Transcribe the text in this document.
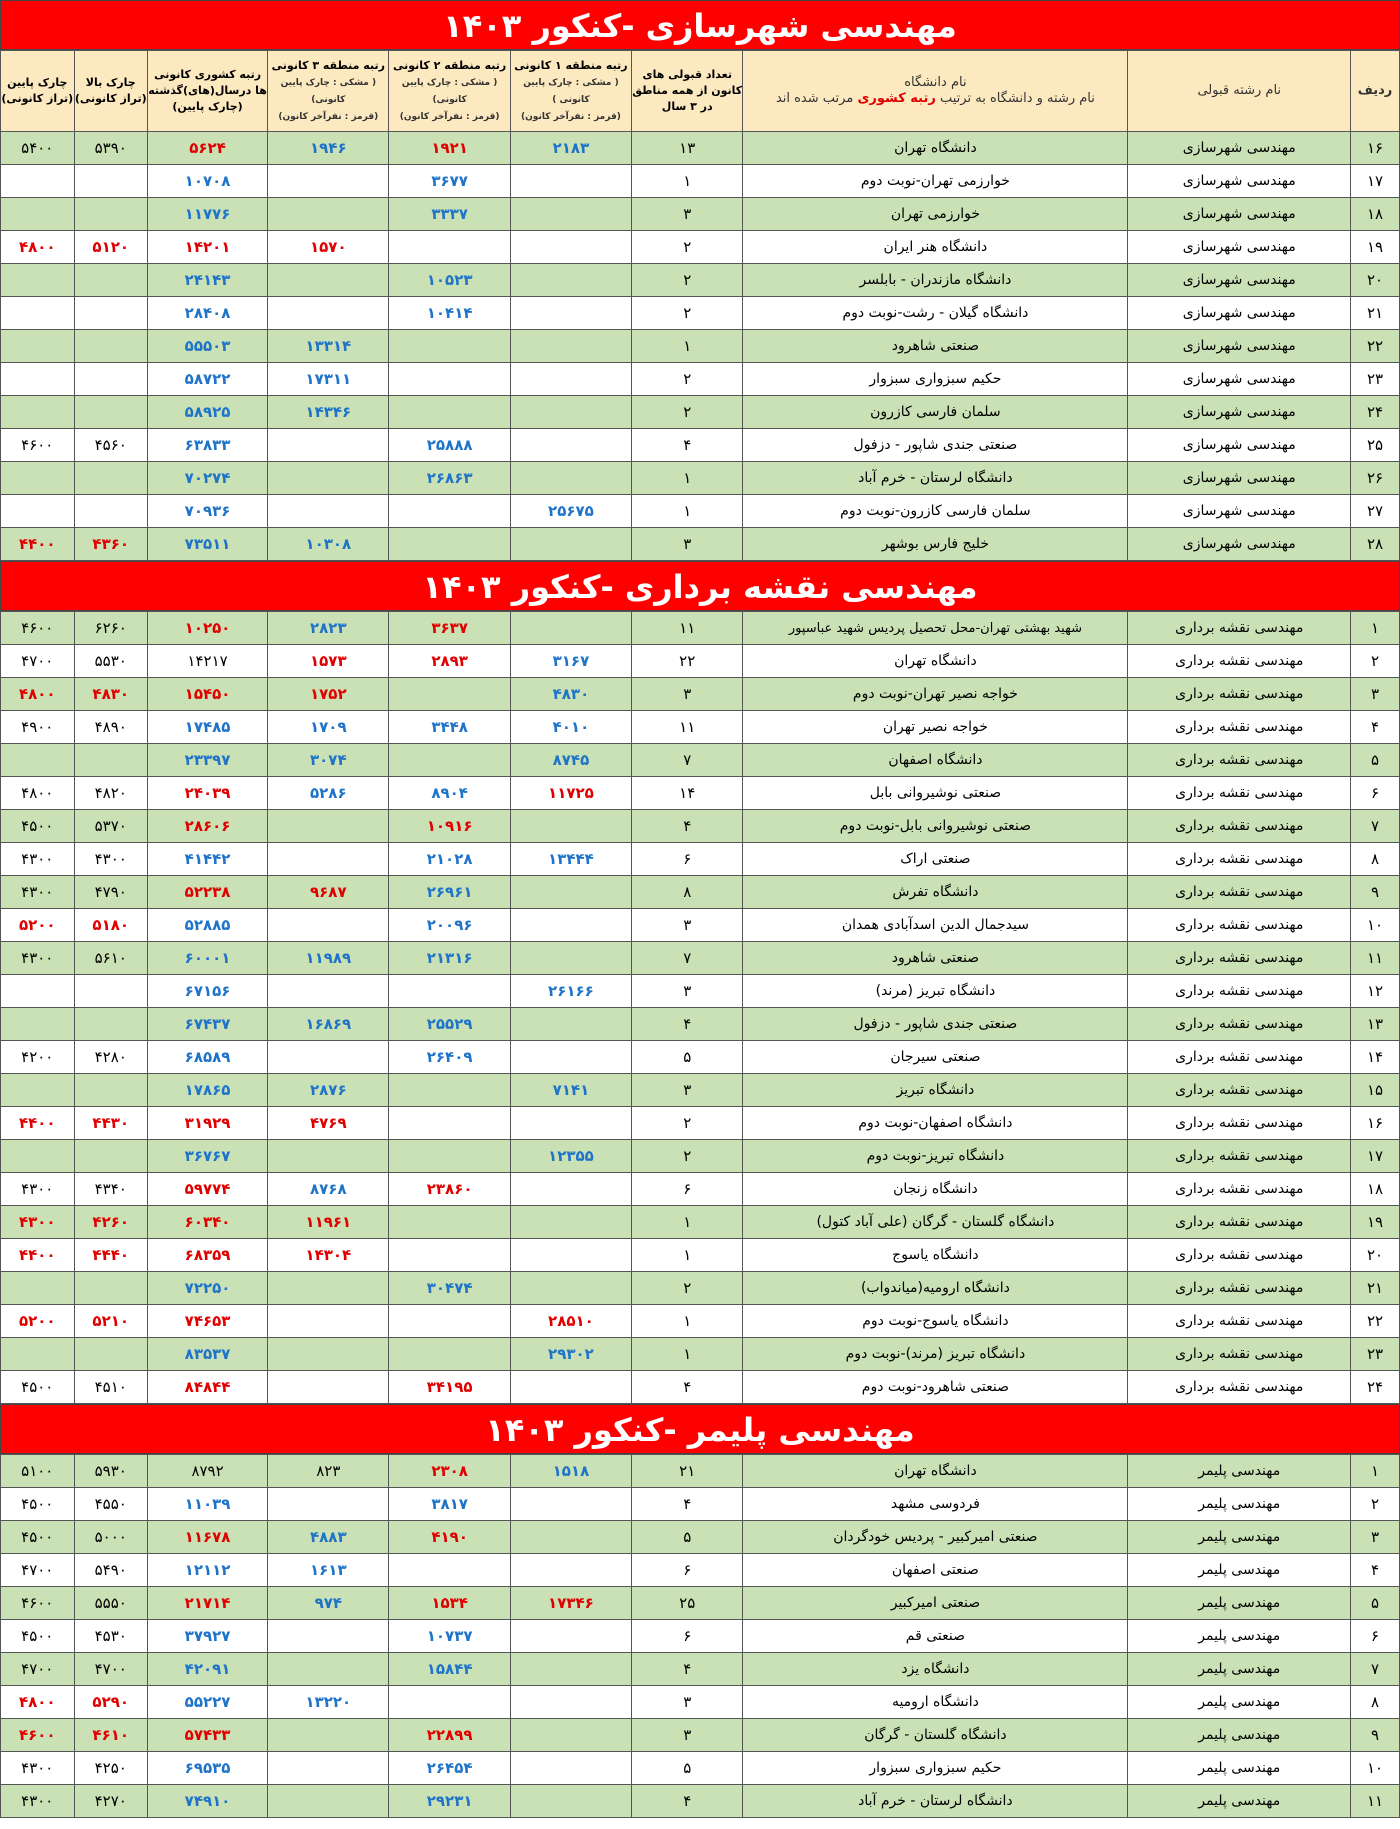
مهندسی شهرسازی -کنکور ۱۴۰۳
ردیف	نام رشته قبولی	نام دانشگاه
نام رشته و دانشگاه به ترتیب رتبه کشوری مرتب شده اند	تعداد قبولی های کانون از همه مناطق در ۳ سال	رتبه منطقه ۱ کانونی
( مشکی : چارک پایین کانونی )
(قرمز : نفرآخر کانون)	رتبه منطقه ۲ کانونی
( مشکی : چارک پایین کانونی)
(قرمز : نفرآخر کانون)	رتبه منطقه ۳ کانونی
( مشکی : چارک پایین کانونی)
(قرمز : نفرآخر کانون)	رتبه کشوری کانونی ها درسال(های)گذشته
(چارک پایین)	چارک بالا
(تراز کانونی)	چارک پایین
(تراز کانونی)
۱۶	مهندسی شهرسازی	دانشگاه تهران	۱۳	۲۱۸۳	۱۹۲۱	۱۹۴۶	۵۶۲۴	۵۳۹۰	۵۴۰۰
۱۷	مهندسی شهرسازی	خوارزمی تهران-نوبت دوم	۱		۳۶۷۷		۱۰۷۰۸		
۱۸	مهندسی شهرسازی	خوارزمی تهران	۳		۳۳۳۷		۱۱۷۷۶		
۱۹	مهندسی شهرسازی	دانشگاه هنر ایران	۲			۱۵۷۰	۱۴۲۰۱	۵۱۲۰	۴۸۰۰
۲۰	مهندسی شهرسازی	دانشگاه مازندران - بابلسر	۲		۱۰۵۲۳		۲۴۱۴۳		
۲۱	مهندسی شهرسازی	دانشگاه گیلان - رشت-نوبت دوم	۲		۱۰۴۱۴		۲۸۴۰۸		
۲۲	مهندسی شهرسازی	صنعتی شاهرود	۱			۱۳۳۱۴	۵۵۵۰۳		
۲۳	مهندسی شهرسازی	حکیم سبزواری سبزوار	۲			۱۷۳۱۱	۵۸۷۲۲		
۲۴	مهندسی شهرسازی	سلمان فارسی کازرون	۲			۱۴۳۴۶	۵۸۹۲۵		
۲۵	مهندسی شهرسازی	صنعتی جندی شاپور - دزفول	۴		۲۵۸۸۸		۶۳۸۳۳	۴۵۶۰	۴۶۰۰
۲۶	مهندسی شهرسازی	دانشگاه لرستان - خرم آباد	۱		۲۶۸۶۳		۷۰۲۷۴		
۲۷	مهندسی شهرسازی	سلمان فارسی کازرون-نوبت دوم	۱	۲۵۶۷۵			۷۰۹۳۶		
۲۸	مهندسی شهرسازی	خلیج فارس بوشهر	۳			۱۰۳۰۸	۷۳۵۱۱	۴۳۶۰	۴۴۰۰
مهندسی نقشه برداری -کنکور ۱۴۰۳
۱	مهندسی نقشه برداری	شهید بهشتی تهران-محل تحصیل پردیس شهید عباسپور	۱۱		۳۶۳۷	۲۸۲۳	۱۰۲۵۰	۶۲۶۰	۴۶۰۰
۲	مهندسی نقشه برداری	دانشگاه تهران	۲۲	۳۱۶۷	۲۸۹۳	۱۵۷۳	۱۴۲۱۷	۵۵۳۰	۴۷۰۰
۳	مهندسی نقشه برداری	خواجه نصیر تهران-نوبت دوم	۳	۴۸۳۰		۱۷۵۲	۱۵۴۵۰	۴۸۳۰	۴۸۰۰
۴	مهندسی نقشه برداری	خواجه نصیر تهران	۱۱	۴۰۱۰	۳۴۴۸	۱۷۰۹	۱۷۴۸۵	۴۸۹۰	۴۹۰۰
۵	مهندسی نقشه برداری	دانشگاه اصفهان	۷	۸۷۴۵		۳۰۷۴	۲۳۳۹۷		
۶	مهندسی نقشه برداری	صنعتی نوشیروانی بابل	۱۴	۱۱۷۲۵	۸۹۰۴	۵۲۸۶	۲۴۰۳۹	۴۸۲۰	۴۸۰۰
۷	مهندسی نقشه برداری	صنعتی نوشیروانی بابل-نوبت دوم	۴		۱۰۹۱۶		۲۸۶۰۶	۵۳۷۰	۴۵۰۰
۸	مهندسی نقشه برداری	صنعتی اراک	۶	۱۳۴۴۴	۲۱۰۲۸		۴۱۴۴۲	۴۳۰۰	۴۳۰۰
۹	مهندسی نقشه برداری	دانشگاه تفرش	۸		۲۶۹۶۱	۹۶۸۷	۵۲۲۳۸	۴۷۹۰	۴۳۰۰
۱۰	مهندسی نقشه برداری	سیدجمال الدین اسدآبادی همدان	۳		۲۰۰۹۶		۵۲۸۸۵	۵۱۸۰	۵۲۰۰
۱۱	مهندسی نقشه برداری	صنعتی شاهرود	۷		۲۱۳۱۶	۱۱۹۸۹	۶۰۰۰۱	۵۶۱۰	۴۳۰۰
۱۲	مهندسی نقشه برداری	دانشگاه تبریز (مرند)	۳	۲۶۱۶۶			۶۷۱۵۶		
۱۳	مهندسی نقشه برداری	صنعتی جندی شاپور - دزفول	۴		۲۵۵۲۹	۱۶۸۶۹	۶۷۴۳۷		
۱۴	مهندسی نقشه برداری	صنعتی سیرجان	۵		۲۶۴۰۹		۶۸۵۸۹	۴۲۸۰	۴۲۰۰
۱۵	مهندسی نقشه برداری	دانشگاه تبریز	۳	۷۱۴۱		۲۸۷۶	۱۷۸۶۵		
۱۶	مهندسی نقشه برداری	دانشگاه اصفهان-نوبت دوم	۲			۴۷۶۹	۳۱۹۲۹	۴۴۳۰	۴۴۰۰
۱۷	مهندسی نقشه برداری	دانشگاه تبریز-نوبت دوم	۲	۱۲۳۵۵			۳۶۷۶۷		
۱۸	مهندسی نقشه برداری	دانشگاه زنجان	۶		۲۳۸۶۰	۸۷۶۸	۵۹۷۷۴	۴۳۴۰	۴۳۰۰
۱۹	مهندسی نقشه برداری	دانشگاه گلستان - گرگان (علی آباد کتول)	۱			۱۱۹۶۱	۶۰۳۴۰	۴۲۶۰	۴۳۰۰
۲۰	مهندسی نقشه برداری	دانشگاه یاسوج	۱			۱۴۳۰۴	۶۸۳۵۹	۴۴۴۰	۴۴۰۰
۲۱	مهندسی نقشه برداری	دانشگاه ارومیه(میاندواب)	۲		۳۰۴۷۴		۷۲۲۵۰		
۲۲	مهندسی نقشه برداری	دانشگاه یاسوج-نوبت دوم	۱	۲۸۵۱۰			۷۴۶۵۳	۵۲۱۰	۵۲۰۰
۲۳	مهندسی نقشه برداری	دانشگاه تبریز (مرند)-نوبت دوم	۱	۲۹۳۰۲			۸۳۵۳۷		
۲۴	مهندسی نقشه برداری	صنعتی شاهرود-نوبت دوم	۴		۳۴۱۹۵		۸۴۸۴۴	۴۵۱۰	۴۵۰۰
مهندسی پلیمر -کنکور ۱۴۰۳
۱	مهندسی پلیمر	دانشگاه تهران	۲۱	۱۵۱۸	۲۳۰۸	۸۲۳	۸۷۹۲	۵۹۳۰	۵۱۰۰
۲	مهندسی پلیمر	فردوسی مشهد	۴		۳۸۱۷		۱۱۰۳۹	۴۵۵۰	۴۵۰۰
۳	مهندسی پلیمر	صنعتی امیرکبیر - پردیس خودگردان	۵		۴۱۹۰	۴۸۸۳	۱۱۶۷۸	۵۰۰۰	۴۵۰۰
۴	مهندسی پلیمر	صنعتی اصفهان	۶			۱۶۱۳	۱۲۱۱۲	۵۴۹۰	۴۷۰۰
۵	مهندسی پلیمر	صنعتی امیرکبیر	۲۵	۱۷۳۴۶	۱۵۳۴	۹۷۴	۲۱۷۱۴	۵۵۵۰	۴۶۰۰
۶	مهندسی پلیمر	صنعتی قم	۶		۱۰۷۳۷		۳۷۹۲۷	۴۵۳۰	۴۵۰۰
۷	مهندسی پلیمر	دانشگاه یزد	۴		۱۵۸۴۴		۴۲۰۹۱	۴۷۰۰	۴۷۰۰
۸	مهندسی پلیمر	دانشگاه ارومیه	۳			۱۳۲۲۰	۵۵۲۲۷	۵۲۹۰	۴۸۰۰
۹	مهندسی پلیمر	دانشگاه گلستان - گرگان	۳		۲۲۸۹۹		۵۷۴۳۳	۴۶۱۰	۴۶۰۰
۱۰	مهندسی پلیمر	حکیم سبزواری سبزوار	۵		۲۶۴۵۴		۶۹۵۳۵	۴۲۵۰	۴۳۰۰
۱۱	مهندسی پلیمر	دانشگاه لرستان - خرم آباد	۴		۲۹۲۳۱		۷۴۹۱۰	۴۲۷۰	۴۳۰۰
